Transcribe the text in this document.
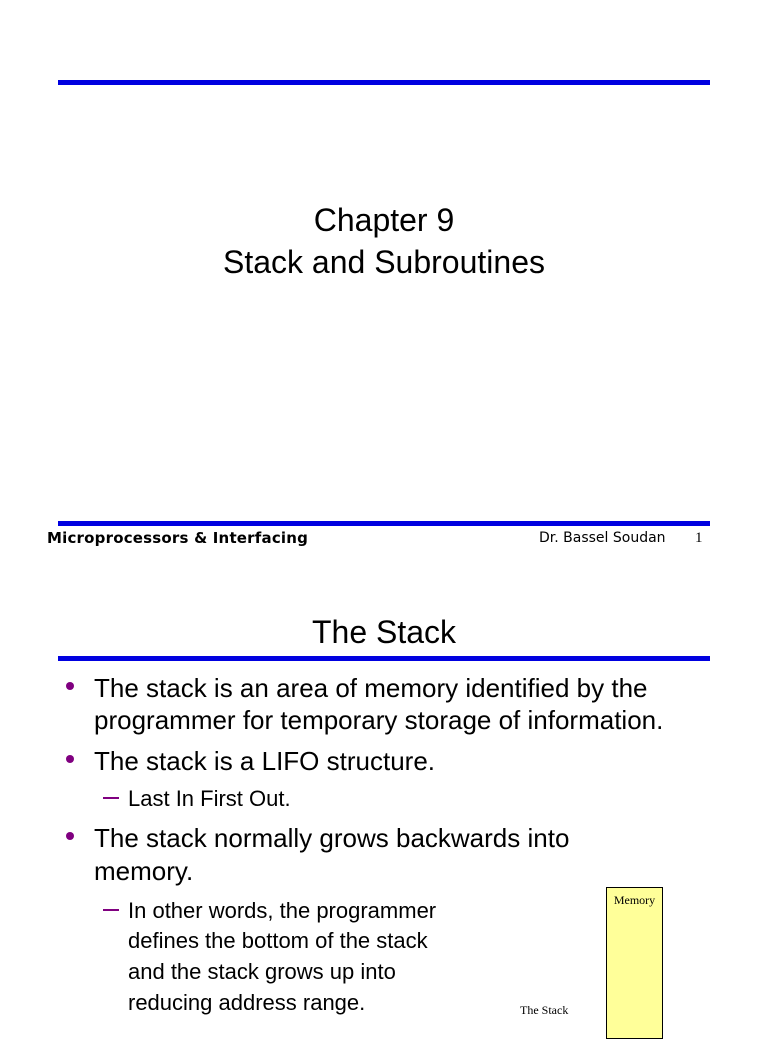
Chapter 9
Stack and Subroutines
Microprocessors & Interfacing	Dr. Bassel Soudan 1
The Stack
The stack is an area of memory identified by the
programmer for temporary storage of information.
The stack is a LIFO structure.
Last In First Out.
The stack normally grows backwards into
memory.
In other words, the programmer
defines the bottom of the stack
and the stack grows up into
reducing address range.
Memory
The Stack
